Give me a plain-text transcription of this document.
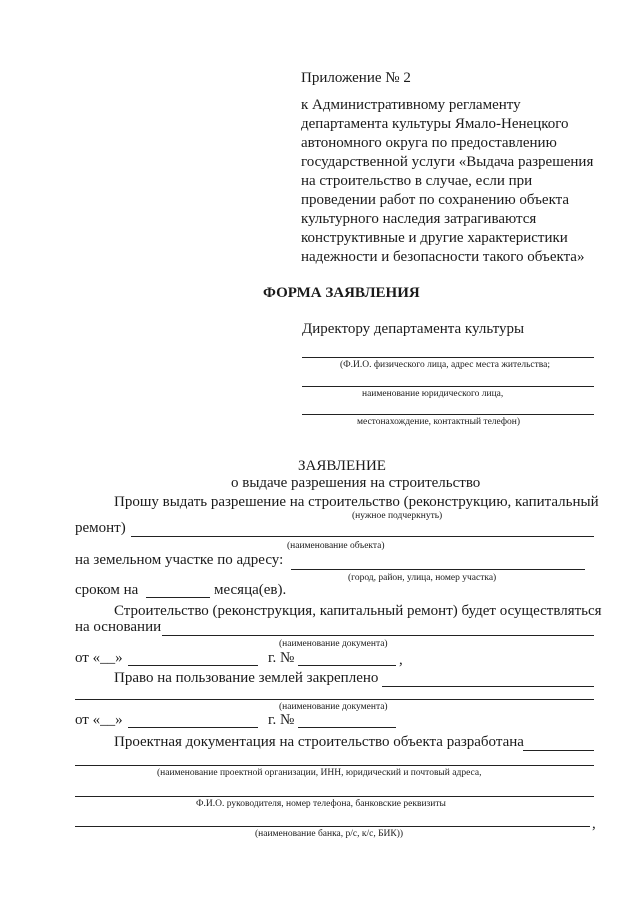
Приложение № 2
к Административному регламенту
департамента культуры Ямало-Ненецкого
автономного округа по предоставлению
государственной услуги «Выдача разрешения
на строительство в случае, если при
проведении работ по сохранению объекта
культурного наследия затрагиваются
конструктивные и другие характеристики
надежности и безопасности такого объекта»
ФОРМА ЗАЯВЛЕНИЯ
Директору департамента культуры
(Ф.И.О. физического лица, адрес места жительства;
наименование юридического лица,
местонахождение, контактный телефон)
ЗАЯВЛЕНИЕ
о выдаче разрешения на строительство
Прошу выдать разрешение на строительство (реконструкцию, капитальный
(нужное подчеркнуть)
ремонт)
(наименование объекта)
на земельном участке по адресу:
(город, район, улица, номер участка)
сроком на	месяца(ев).
Строительство (реконструкция, капитальный ремонт) будет осуществляться
на основании
(наименование документа)
от «__»	г. №	,
Право на пользование землей закреплено
(наименование документа)
от «__»	г. №
Проектная документация на строительство объекта разработана
(наименование проектной организации, ИНН, юридический и почтовый адреса,
Ф.И.О. руководителя, номер телефона, банковские реквизиты
,
(наименование банка, р/с, к/с, БИК))
